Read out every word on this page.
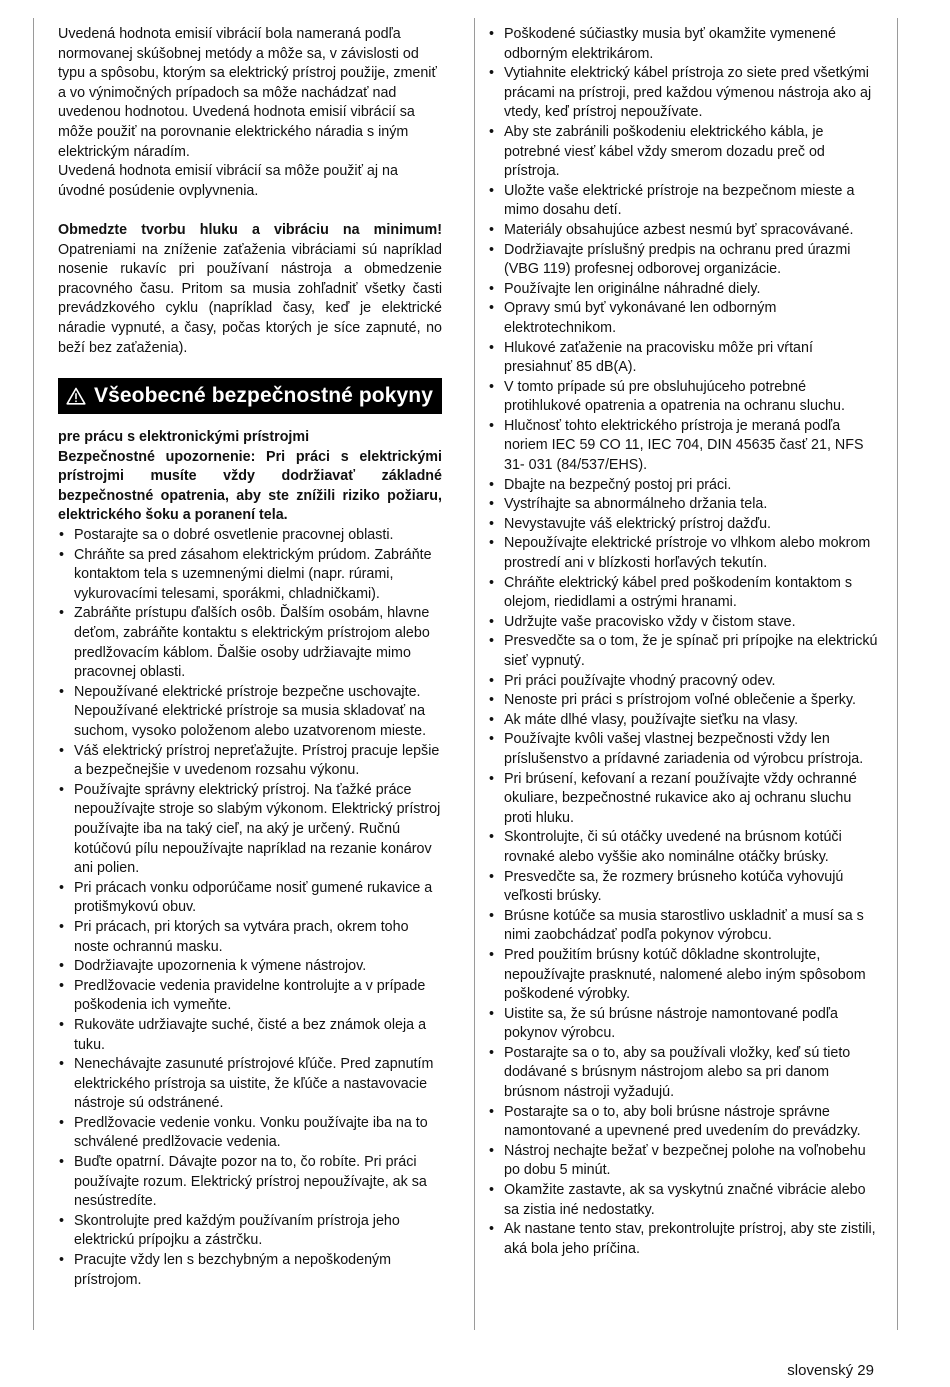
Uvedená hodnota emisií vibrácií bola nameraná podľa normovanej skúšobnej metódy a môže sa, v závislosti od typu a spôsobu, ktorým sa elektrický prístroj použije, zmeniť a vo výnimočných prípadoch sa môže nachádzať nad uvedenou hodnotou. Uvedená hodnota emisií vibrácií sa môže použiť na porovnanie elektrického náradia s iným elektrickým náradím.

Uvedená hodnota emisií vibrácií sa môže použiť aj na úvodné posúdenie ovplyvnenia.

Obmedzte tvorbu hluku a vibráciu na minimum! Opatreniami na zníženie zaťaženia vibráciami sú napríklad nosenie rukavíc pri používaní nástroja a obmedzenie pracovného času. Pritom sa musia zohľadniť všetky časti prevádzkového cyklu (napríklad časy, keď je elektrické náradie vypnuté, a časy, počas ktorých je síce zapnuté, no beží bez zaťaženia).

Všeobecné bezpečnostné pokyny

pre prácu s elektronickými prístrojmi

Bezpečnostné upozornenie: Pri práci s elektrickými prístrojmi musíte vždy dodržiavať základné bezpečnostné opatrenia, aby ste znížili riziko požiaru, elektrického šoku a poranení tela.

• Postarajte sa o dobré osvetlenie pracovnej oblasti.
• Chráňte sa pred zásahom elektrickým prúdom. Zabráňte kontaktom tela s uzemnenými dielmi (napr. rúrami, vykurovacími telesami, sporákmi, chladničkami).
• Zabráňte prístupu ďalších osôb. Ďalším osobám, hlavne deťom, zabráňte kontaktu s elektrickým prístrojom alebo predlžovacím káblom. Ďalšie osoby udržiavajte mimo pracovnej oblasti.
• Nepoužívané elektrické prístroje bezpečne uschovajte. Nepoužívané elektrické prístroje sa musia skladovať na suchom, vysoko položenom alebo uzatvorenom mieste.
• Váš elektrický prístroj nepreťažujte. Prístroj pracuje lepšie a bezpečnejšie v uvedenom rozsahu výkonu.
• Používajte správny elektrický prístroj. Na ťažké práce nepoužívajte stroje so slabým výkonom. Elektrický prístroj používajte iba na taký cieľ, na aký je určený. Ručnú kotúčovú pílu nepoužívajte napríklad na rezanie konárov ani polien.
• Pri prácach vonku odporúčame nosiť gumené rukavice a protišmykovú obuv.
• Pri prácach, pri ktorých sa vytvára prach, okrem toho noste ochrannú masku.
• Dodržiavajte upozornenia k výmene nástrojov.
• Predlžovacie vedenia pravidelne kontrolujte a v prípade poškodenia ich vymeňte.
• Rukoväte udržiavajte suché, čisté a bez známok oleja a tuku.
• Nenechávajte zasunuté prístrojové kľúče. Pred zapnutím elektrického prístroja sa uistite, že kľúče a nastavovacie nástroje sú odstránené.
• Predlžovacie vedenie vonku. Vonku používajte iba na to schválené predlžovacie vedenia.
• Buďte opatrní. Dávajte pozor na to, čo robíte. Pri práci používajte rozum. Elektrický prístroj nepoužívajte, ak sa nesústredíte.
• Skontrolujte pred každým používaním prístroja jeho elektrickú prípojku a zástrčku.
• Pracujte vždy len s bezchybným a nepoškodeným prístrojom.
• Poškodené súčiastky musia byť okamžite vymenené odborným elektrikárom.
• Vytiahnite elektrický kábel prístroja zo siete pred všetkými prácami na prístroji, pred každou výmenou nástroja ako aj vtedy, keď prístroj nepoužívate.
• Aby ste zabránili poškodeniu elektrického kábla, je potrebné viesť kábel vždy smerom dozadu preč od prístroja.
• Uložte vaše elektrické prístroje na bezpečnom mieste a mimo dosahu detí.
• Materiály obsahujúce azbest nesmú byť spracovávané.
• Dodržiavajte príslušný predpis na ochranu pred úrazmi (VBG 119) profesnej odborovej organizácie.
• Používajte len originálne náhradné diely.
• Opravy smú byť vykonávané len odborným elektrotechnikom.
• Hlukové zaťaženie na pracovisku môže pri vŕtaní presiahnuť 85 dB(A).
• V tomto prípade sú pre obsluhujúceho potrebné protihlukové opatrenia a opatrenia na ochranu sluchu.
• Hlučnosť tohto elektrického prístroja je meraná podľa noriem IEC 59 CO 11, IEC 704, DIN 45635 časť 21, NFS 31- 031 (84/537/EHS).
• Dbajte na bezpečný postoj pri práci.
• Vystríhajte sa abnormálneho držania tela.
• Nevystavujte váš elektrický prístroj dažďu.
• Nepoužívajte elektrické prístroje vo vlhkom alebo mokrom prostredí ani v blízkosti horľavých tekutín.
• Chráňte elektrický kábel pred poškodením kontaktom s olejom, riedidlami a ostrými hranami.
• Udržujte vaše pracovisko vždy v čistom stave.
• Presvedčte sa o tom, že je spínač pri prípojke na elektrickú sieť vypnutý.
• Pri práci používajte vhodný pracovný odev.
• Nenoste pri práci s prístrojom voľné oblečenie a šperky.
• Ak máte dlhé vlasy, používajte sieťku na vlasy.
• Používajte kvôli vašej vlastnej bezpečnosti vždy len príslušenstvo a prídavné zariadenia od výrobcu prístroja.
• Pri brúsení, kefovaní a rezaní používajte vždy ochranné okuliare, bezpečnostné rukavice ako aj ochranu sluchu proti hluku.
• Skontrolujte, či sú otáčky uvedené na brúsnom kotúči rovnaké alebo vyššie ako nominálne otáčky brúsky.
• Presvedčte sa, že rozmery brúsneho kotúča vyhovujú veľkosti brúsky.
• Brúsne kotúče sa musia starostlivo uskladniť a musí sa s nimi zaobchádzať podľa pokynov výrobcu.
• Pred použitím brúsny kotúč dôkladne skontrolujte, nepoužívajte prasknuté, nalomené alebo iným spôsobom poškodené výrobky.
• Uistite sa, že sú brúsne nástroje namontované podľa pokynov výrobcu.
• Postarajte sa o to, aby sa používali vložky, keď sú tieto dodávané s brúsnym nástrojom alebo sa pri danom brúsnom nástroji vyžadujú.
• Postarajte sa o to, aby boli brúsne nástroje správne namontované a upevnené pred uvedením do prevádzky.
• Nástroj nechajte bežať v bezpečnej polohe na voľnobehu po dobu 5 minút.
• Okamžite zastavte, ak sa vyskytnú značné vibrácie alebo sa zistia iné nedostatky.
• Ak nastane tento stav, prekontrolujte prístroj, aby ste zistili, aká bola jeho príčina.
slovenský 29
